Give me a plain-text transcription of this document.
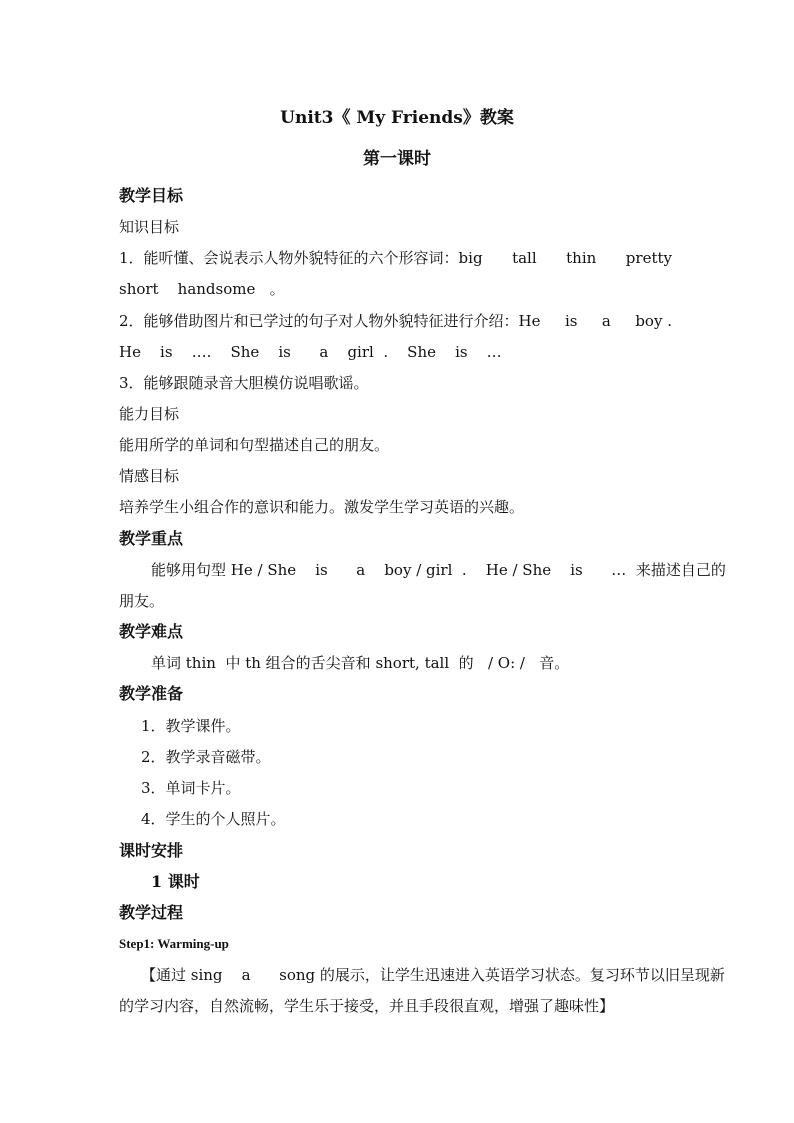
Unit3《 My Friends》教案
第一课时
教学目标
知识目标
1．能听懂、会说表示人物外貌特征的六个形容词：big tall thin pretty
short    handsome   。
2．能够借助图片和已学过的句子对人物外貌特征进行介绍：He is a boy .
He    is    ….    She    is      a    girl  .    She    is    …
3．能够跟随录音大胆模仿说唱歌谣。
能力目标
能用所学的单词和句型描述自己的朋友。
情感目标
培养学生小组合作的意识和能力。激发学生学习英语的兴趣。
教学重点
能够用句型 He / She    is      a    boy / girl  .    He / She    is      …  来描述自己的
朋友。
教学难点
单词 thin  中 th 组合的舌尖音和 short, tall  的   / O: /   音。
教学准备
1．教学课件。
2．教学录音磁带。
3．单词卡片。
4．学生的个人照片。
课时安排
1 课时
教学过程
Step1: Warming-up
【通过 sing    a      song 的展示，让学生迅速进入英语学习状态。复习环节以旧呈现新
的学习内容，自然流畅，学生乐于接受，并且手段很直观，增强了趣味性】
